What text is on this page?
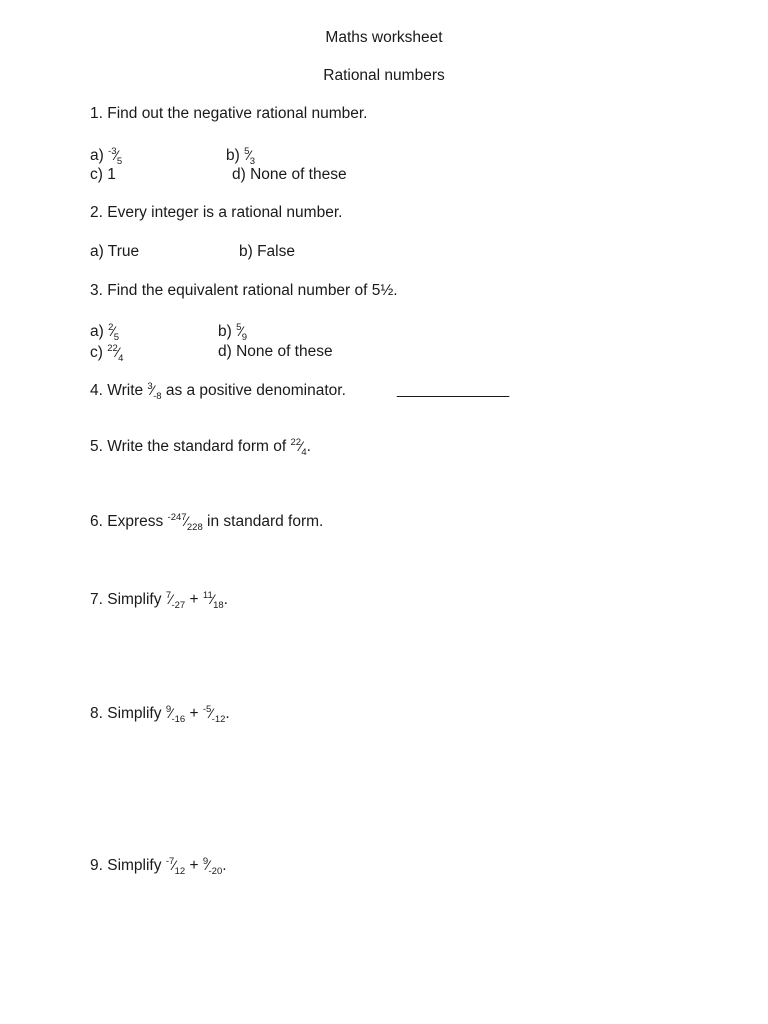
Maths worksheet
Rational numbers
1. Find out the negative rational number.
a) $^{-3}⁄_5$	b) $^5⁄_3$
c) 1	d) None of these
2. Every integer is a rational number.
a) True	b) False
3. Find the equivalent rational number of 5½.
a) $^2⁄_5$	b) $^5⁄_9$
c) $^{22}⁄_4$	d) None of these
4. Write $^3⁄_{-8}$ as a positive denominator.	_____________
5. Write the standard form of $^{22}⁄_4$.
6. Express $^{-247}⁄_{228}$ in standard form.
7. Simplify $^7⁄_{-27}$ + $^{11}⁄_{18}$.
8. Simplify $^9⁄_{-16}$ + $^{-5}⁄_{-12}$.
9. Simplify $^{-7}⁄_{12}$ + $^9⁄_{-20}$.
